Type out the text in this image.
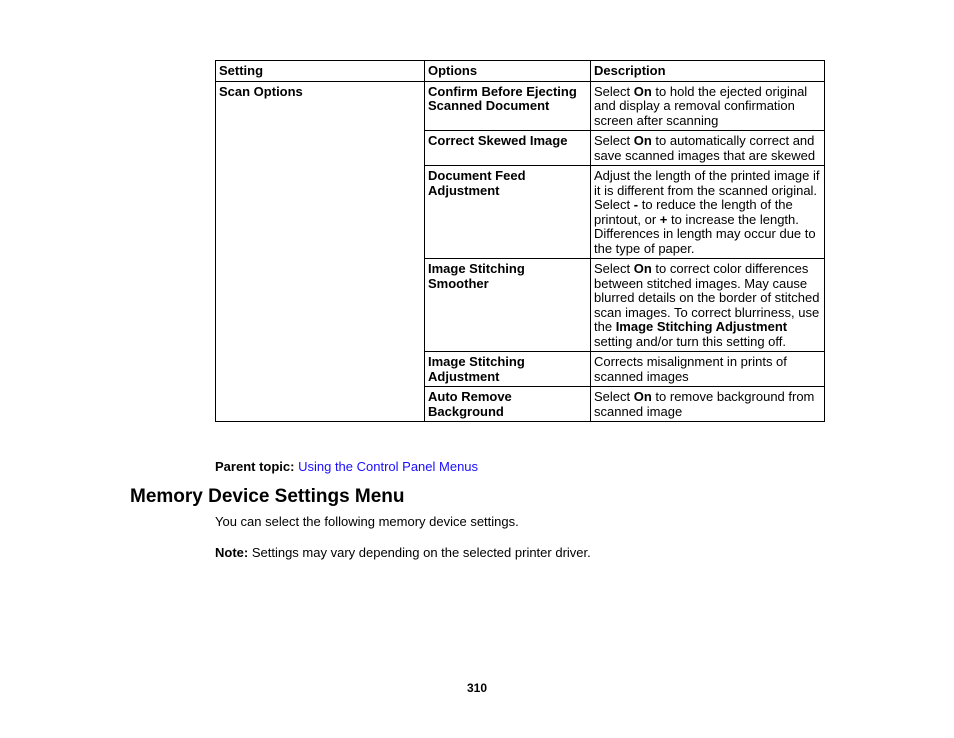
Setting	Options	Description
Scan Options	Confirm Before Ejecting Scanned Document	Select On to hold the ejected original and display a removal confirmation screen after scanning
	Correct Skewed Image	Select On to automatically correct and save scanned images that are skewed
	Document Feed Adjustment	Adjust the length of the printed image if it is different from the scanned original. Select - to reduce the length of the printout, or + to increase the length. Differences in length may occur due to the type of paper.
	Image Stitching Smoother	Select On to correct color differences between stitched images. May cause blurred details on the border of stitched scan images. To correct blurriness, use the Image Stitching Adjustment setting and/or turn this setting off.
	Image Stitching Adjustment	Corrects misalignment in prints of scanned images
	Auto Remove Background	Select On to remove background from scanned image
Parent topic: Using the Control Panel Menus
Memory Device Settings Menu

You can select the following memory device settings.

Note: Settings may vary depending on the selected printer driver.

310
